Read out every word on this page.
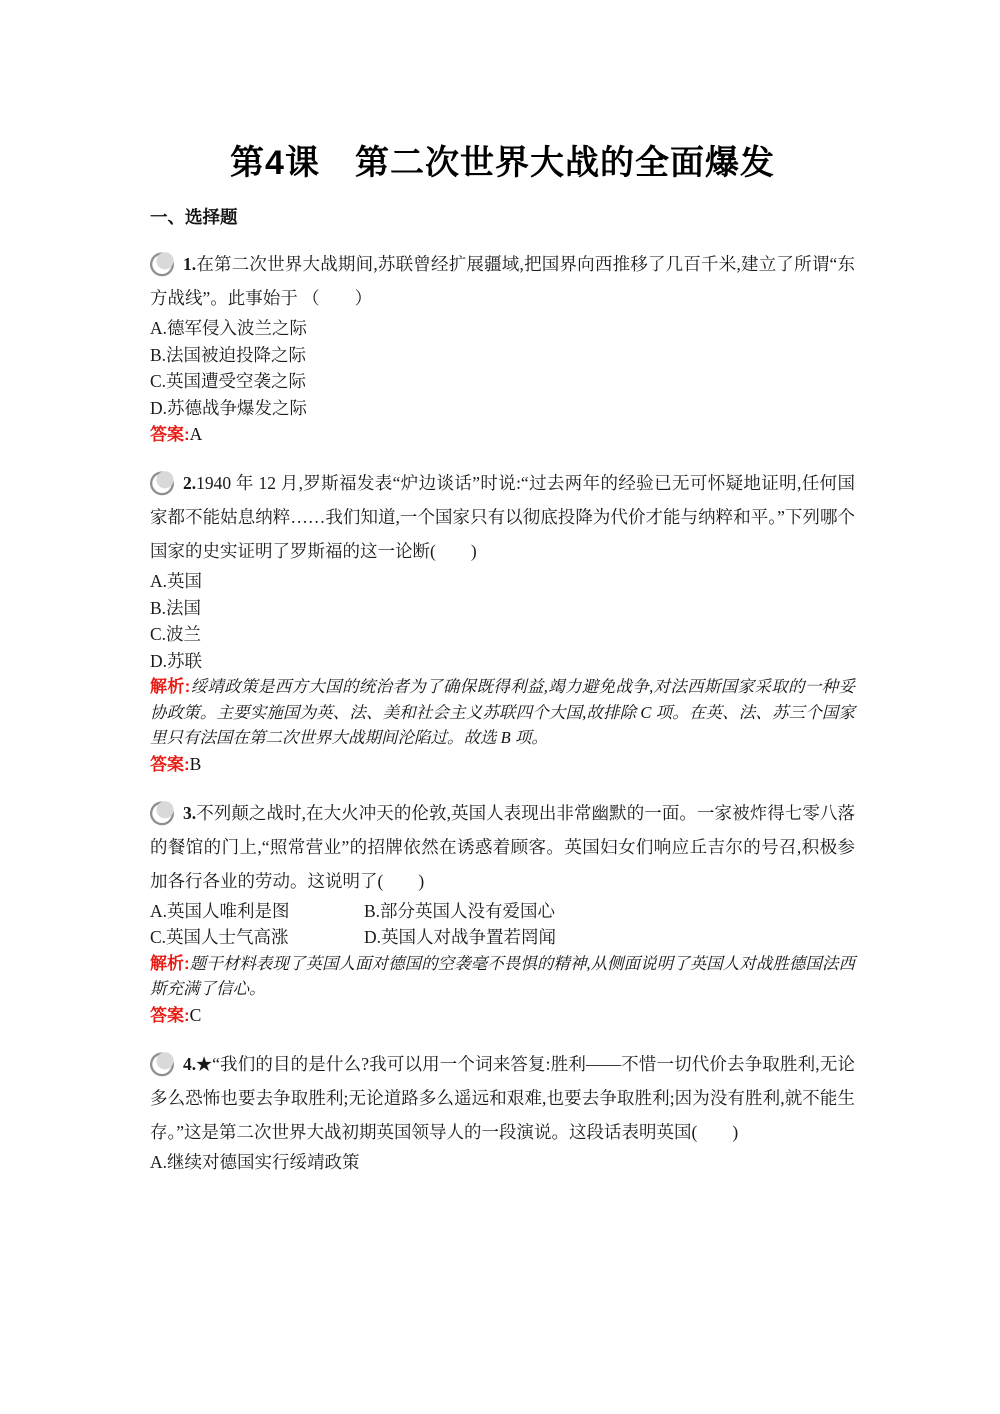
第4课　第二次世界大战的全面爆发
一、选择题

1.在第二次世界大战期间,苏联曾经扩展疆域,把国界向西推移了几百千米,建立了所谓“东方战线”。此事始于 （　　）

A.德军侵入波兰之际

B.法国被迫投降之际

C.英国遭受空袭之际

D.苏德战争爆发之际

答案:A

2.1940 年 12 月,罗斯福发表“炉边谈话”时说:“过去两年的经验已无可怀疑地证明,任何国家都不能姑息纳粹……我们知道,一个国家只有以彻底投降为代价才能与纳粹和平。”下列哪个国家的史实证明了罗斯福的这一论断(　　)

A.英国

B.法国

C.波兰

D.苏联

解析:绥靖政策是西方大国的统治者为了确保既得利益,竭力避免战争,对法西斯国家采取的一种妥协政策。主要实施国为英、法、美和社会主义苏联四个大国,故排除 C 项。在英、法、苏三个国家里只有法国在第二次世界大战期间沦陷过。故选 B 项。

答案:B

3.不列颠之战时,在大火冲天的伦敦,英国人表现出非常幽默的一面。一家被炸得七零八落的餐馆的门上,“照常营业”的招牌依然在诱惑着顾客。英国妇女们响应丘吉尔的号召,积极参加各行各业的劳动。这说明了(　　)

A.英国人唯利是图	B.部分英国人没有爱国心
C.英国人士气高涨	D.英国人对战争置若罔闻

解析:题干材料表现了英国人面对德国的空袭毫不畏惧的精神,从侧面说明了英国人对战胜德国法西斯充满了信心。

答案:C

4.★“我们的目的是什么?我可以用一个词来答复:胜利——不惜一切代价去争取胜利,无论多么恐怖也要去争取胜利;无论道路多么遥远和艰难,也要去争取胜利;因为没有胜利,就不能生存。”这是第二次世界大战初期英国领导人的一段演说。这段话表明英国(　　)

A.继续对德国实行绥靖政策
